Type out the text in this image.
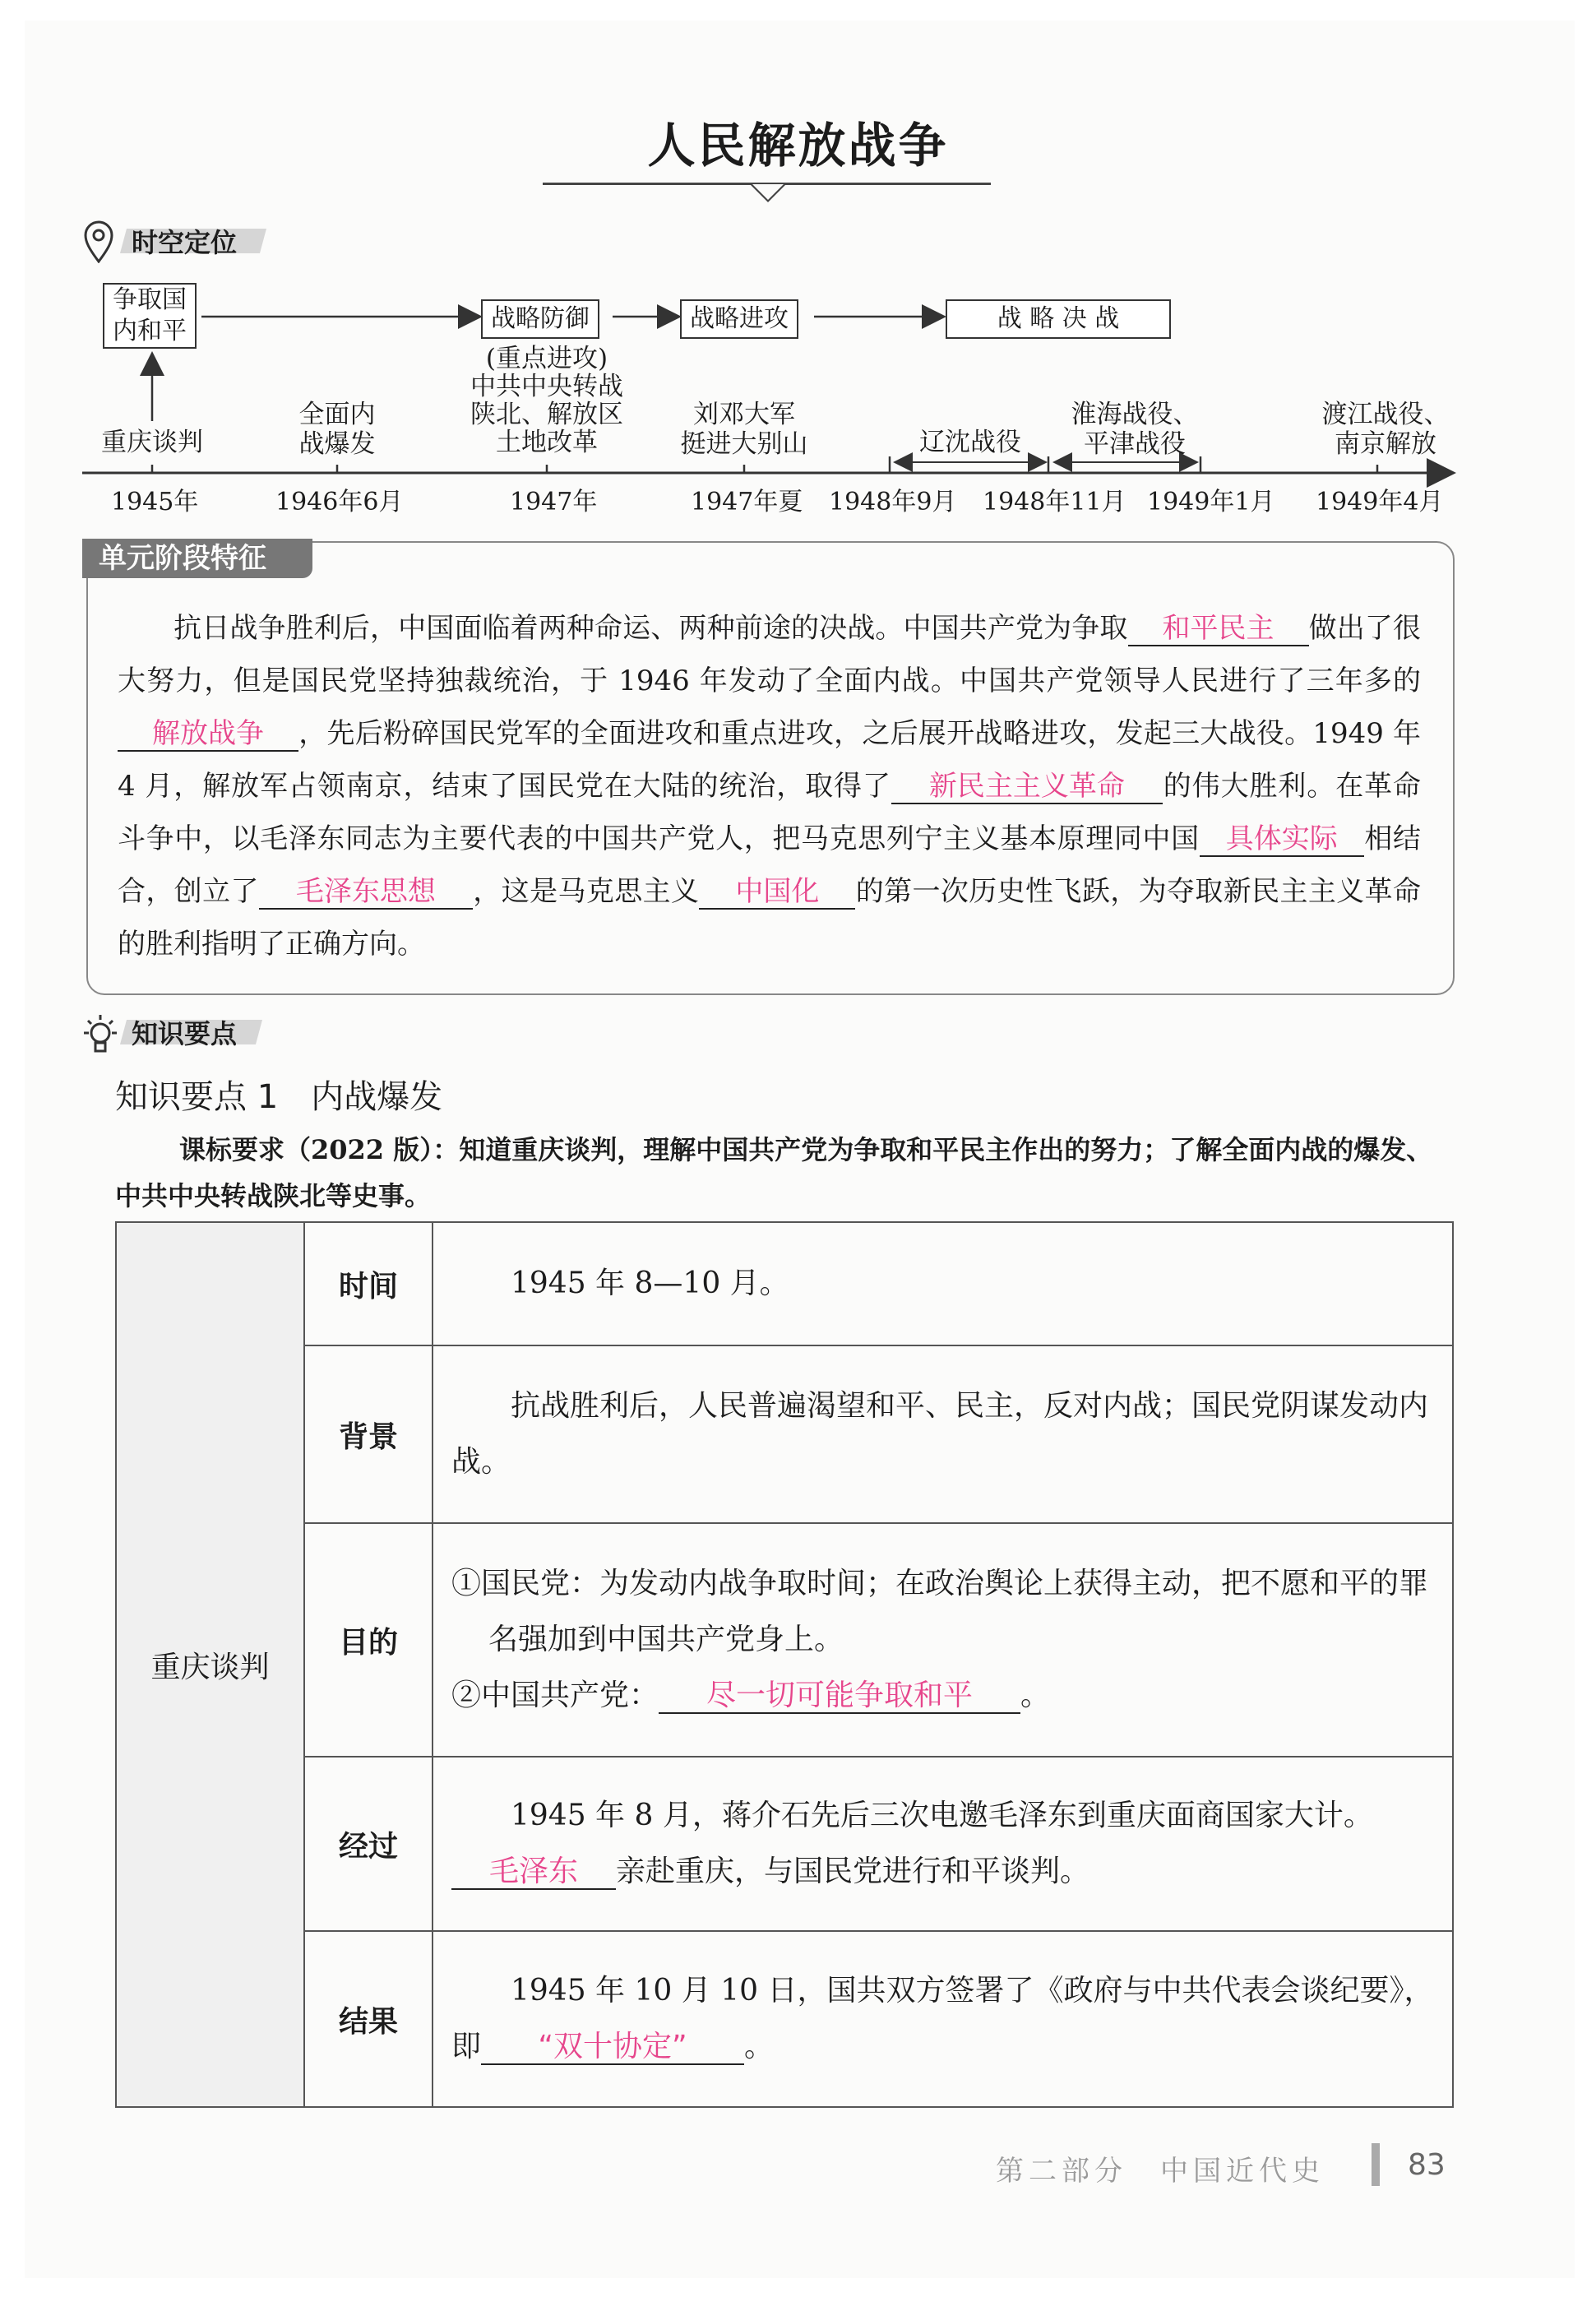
人民解放战争
时空定位
争取国
内和平	战略防御	战略进攻	战 略 决 战
(重点进攻)
中共中央转战
陕北、解放区
土地改革
重庆谈判
全面内
战爆发
刘邓大军
挺进大别山	辽沈战役
淮海战役、
平津战役
渡江战役、
南京解放
1945年	1946年6月	1947年	1947年夏 1948年9月 1948年11月 1949年1月 1949年4月
单元阶段特征
抗日战争胜利后，中国面临着两种命运、两种前途的决战。中国共产党为争取 和平民主 做出了很大努力，但是国民党坚持独裁统治，于 1946 年发动了全面内战。中国共产党领导人民进行了三年多的解放战争 ，先后粉碎国民党军的全面进攻和重点进攻，之后展开战略进攻，发起三大战役。1949 年 4 月，解放军占领南京，结束了国民党在大陆的统治，取得了 新民主主义革命 的伟大胜利。在革命斗争中，以毛泽东同志为主要代表的中国共产党人，把马克思列宁主义基本原理同中国 具体实际 相结合，创立了 毛泽东思想 ，这是马克思主义 中国化 的第一次历史性飞跃，为夺取新民主主义革命的胜利指明了正确方向。
知识要点
知识要点 1　内战爆发
课标要求（2022 版）：知道重庆谈判，理解中国共产党为争取和平民主作出的努力；了解全面内战的爆发、中共中央转战陕北等史事。
重庆谈判	时间	1945 年 8—10 月。
	背景	抗战胜利后，人民普遍渴望和平、民主，反对内战；国民党阴谋发动内战。
	目的	①国民党：为发动内战争取时间；在政治舆论上获得主动，把不愿和平的罪名强加到中国共产党身上。
②中国共产党： 尽一切可能争取和平 。

	经过	1945 年 8 月，蒋介石先后三次电邀毛泽东到重庆面商国家大计。毛泽东 亲赴重庆，与国民党进行和平谈判。
	结果	1945 年 10 月 10 日，国共双方签署了《政府与中共代表会谈纪要》，即 “双十协定” 。
第二部分　中国近代史	83
